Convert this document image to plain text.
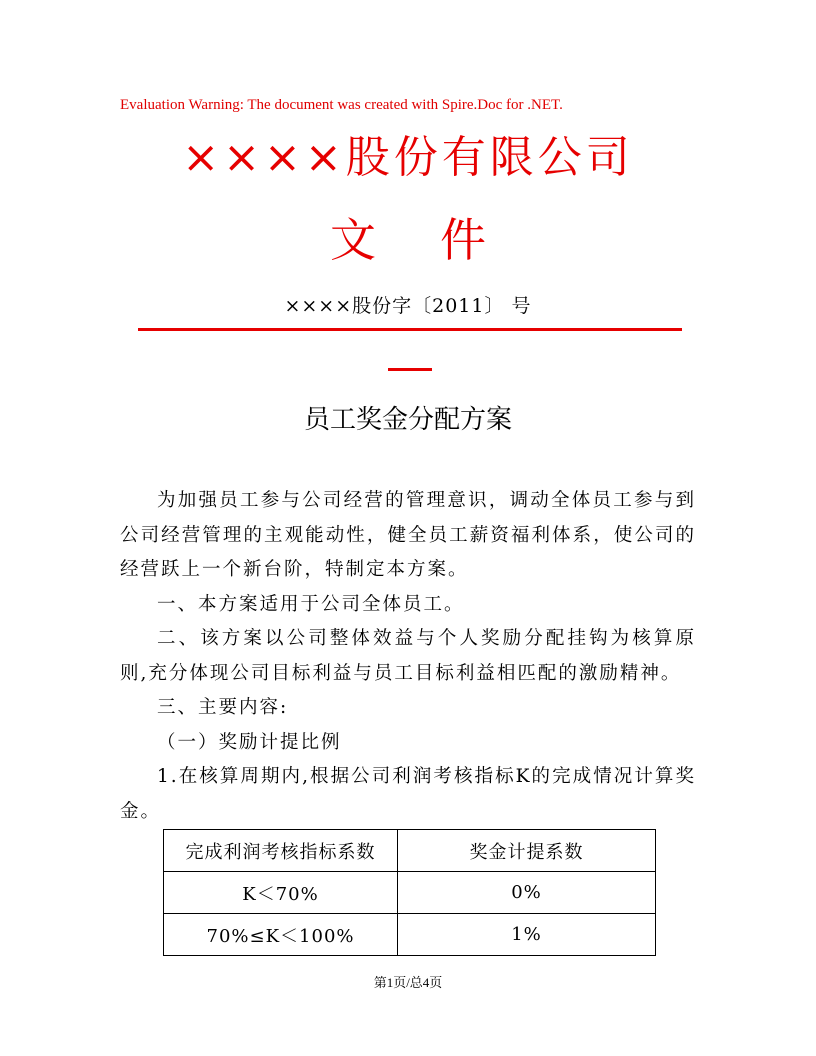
Evaluation Warning: The document was created with Spire.Doc for .NET.
××××股份有限公司
文 件
××××股份字〔2011〕 号
员工奖金分配方案

为加强员工参与公司经营的管理意识，调动全体员工参与到公司经营管理的主观能动性，健全员工薪资福利体系，使公司的经营跃上一个新台阶，特制定本方案。

一、本方案适用于公司全体员工。

二、该方案以公司整体效益与个人奖励分配挂钩为核算原则,充分体现公司目标利益与员工目标利益相匹配的激励精神。

三、主要内容:

（一）奖励计提比例

1.在核算周期内,根据公司利润考核指标K的完成情况计算奖金。

完成利润考核指标系数	奖金计提系数
K＜70%	0%
70%≤K＜100%	1%
第1页/总4页
